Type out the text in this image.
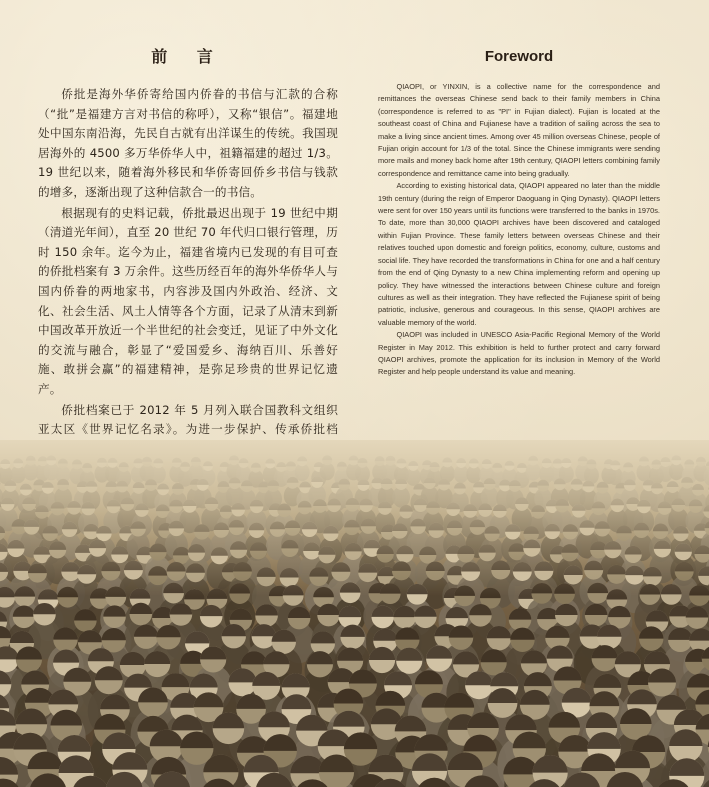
前 言

侨批是海外华侨寄给国内侨眷的书信与汇款的合称（“批”是福建方言对书信的称呼），又称“银信”。福建地处中国东南沿海，先民自古就有出洋谋生的传统。我国现居海外的 4500 多万华侨华人中，祖籍福建的超过 1/3。19 世纪以来，随着海外移民和华侨寄回侨乡书信与钱款的增多，逐渐出现了这种信款合一的书信。

根据现有的史料记载，侨批最迟出现于 19 世纪中期（清道光年间），直至 20 世纪 70 年代归口银行管理，历时 150 余年。迄今为止，福建省境内已发现的有目可查的侨批档案有 3 万余件。这些历经百年的海外华侨华人与国内侨眷的两地家书，内容涉及国内外政治、经济、文化、社会生活、风土人情等各个方面，记录了从清末到新中国改革开放近一个半世纪的社会变迁，见证了中外文化的交流与融合，彰显了“爱国爱乡、海纳百川、乐善好施、敢拼会赢”的福建精神，是弥足珍贵的世界记忆遗产。

侨批档案已于 2012 年 5 月列入联合国教科文组织亚太区《世界记忆名录》。为进一步保护、传承侨批档

Foreword

QIAOPI, or YINXIN, is a collective name for the correspondence and remittances the overseas Chinese send back to their family members in China (correspondence is referred to as "PI" in Fujian dialect). Fujian is located at the southeast coast of China and Fujianese have a tradition of sailing across the sea to make a living since ancient times. Among over 45 million overseas Chinese, people of Fujian origin account for 1/3 of the total. Since the Chinese immigrants were sending more mails and money back home after 19th century, QIAOPI letters combining family correspondence and remittance came into being gradually.

According to existing historical data, QIAOPI appeared no later than the middle 19th century (during the reign of Emperor Daoguang in Qing Dynasty). QIAOPI letters were sent for over 150 years until its functions were transferred to the banks in 1970s. To date, more than 30,000 QIAOPI archives have been discovered and cataloged within Fujian Province. These family letters between overseas Chinese and their relatives touched upon domestic and foreign politics, economy, culture, customs and social life. They have recorded the transformations in China for one and a half century from the end of Qing Dynasty to a new China implementing reform and opening up policy. They have witnessed the interactions between Chinese culture and foreign cultures as well as their integration. They have reflected the Fujianese spirit of being patriotic, inclusive, generous and courageous. In this sense, QIAOPI archives are valuable memory of the world.

QIAOPI was included in UNESCO Asia-Pacific Regional Memory of the World Register in May 2012. This exhibition is held to further protect and carry forward QIAOPI archives, promote the application for its inclusion in Memory of the World Register and help people understand its value and meaning.
